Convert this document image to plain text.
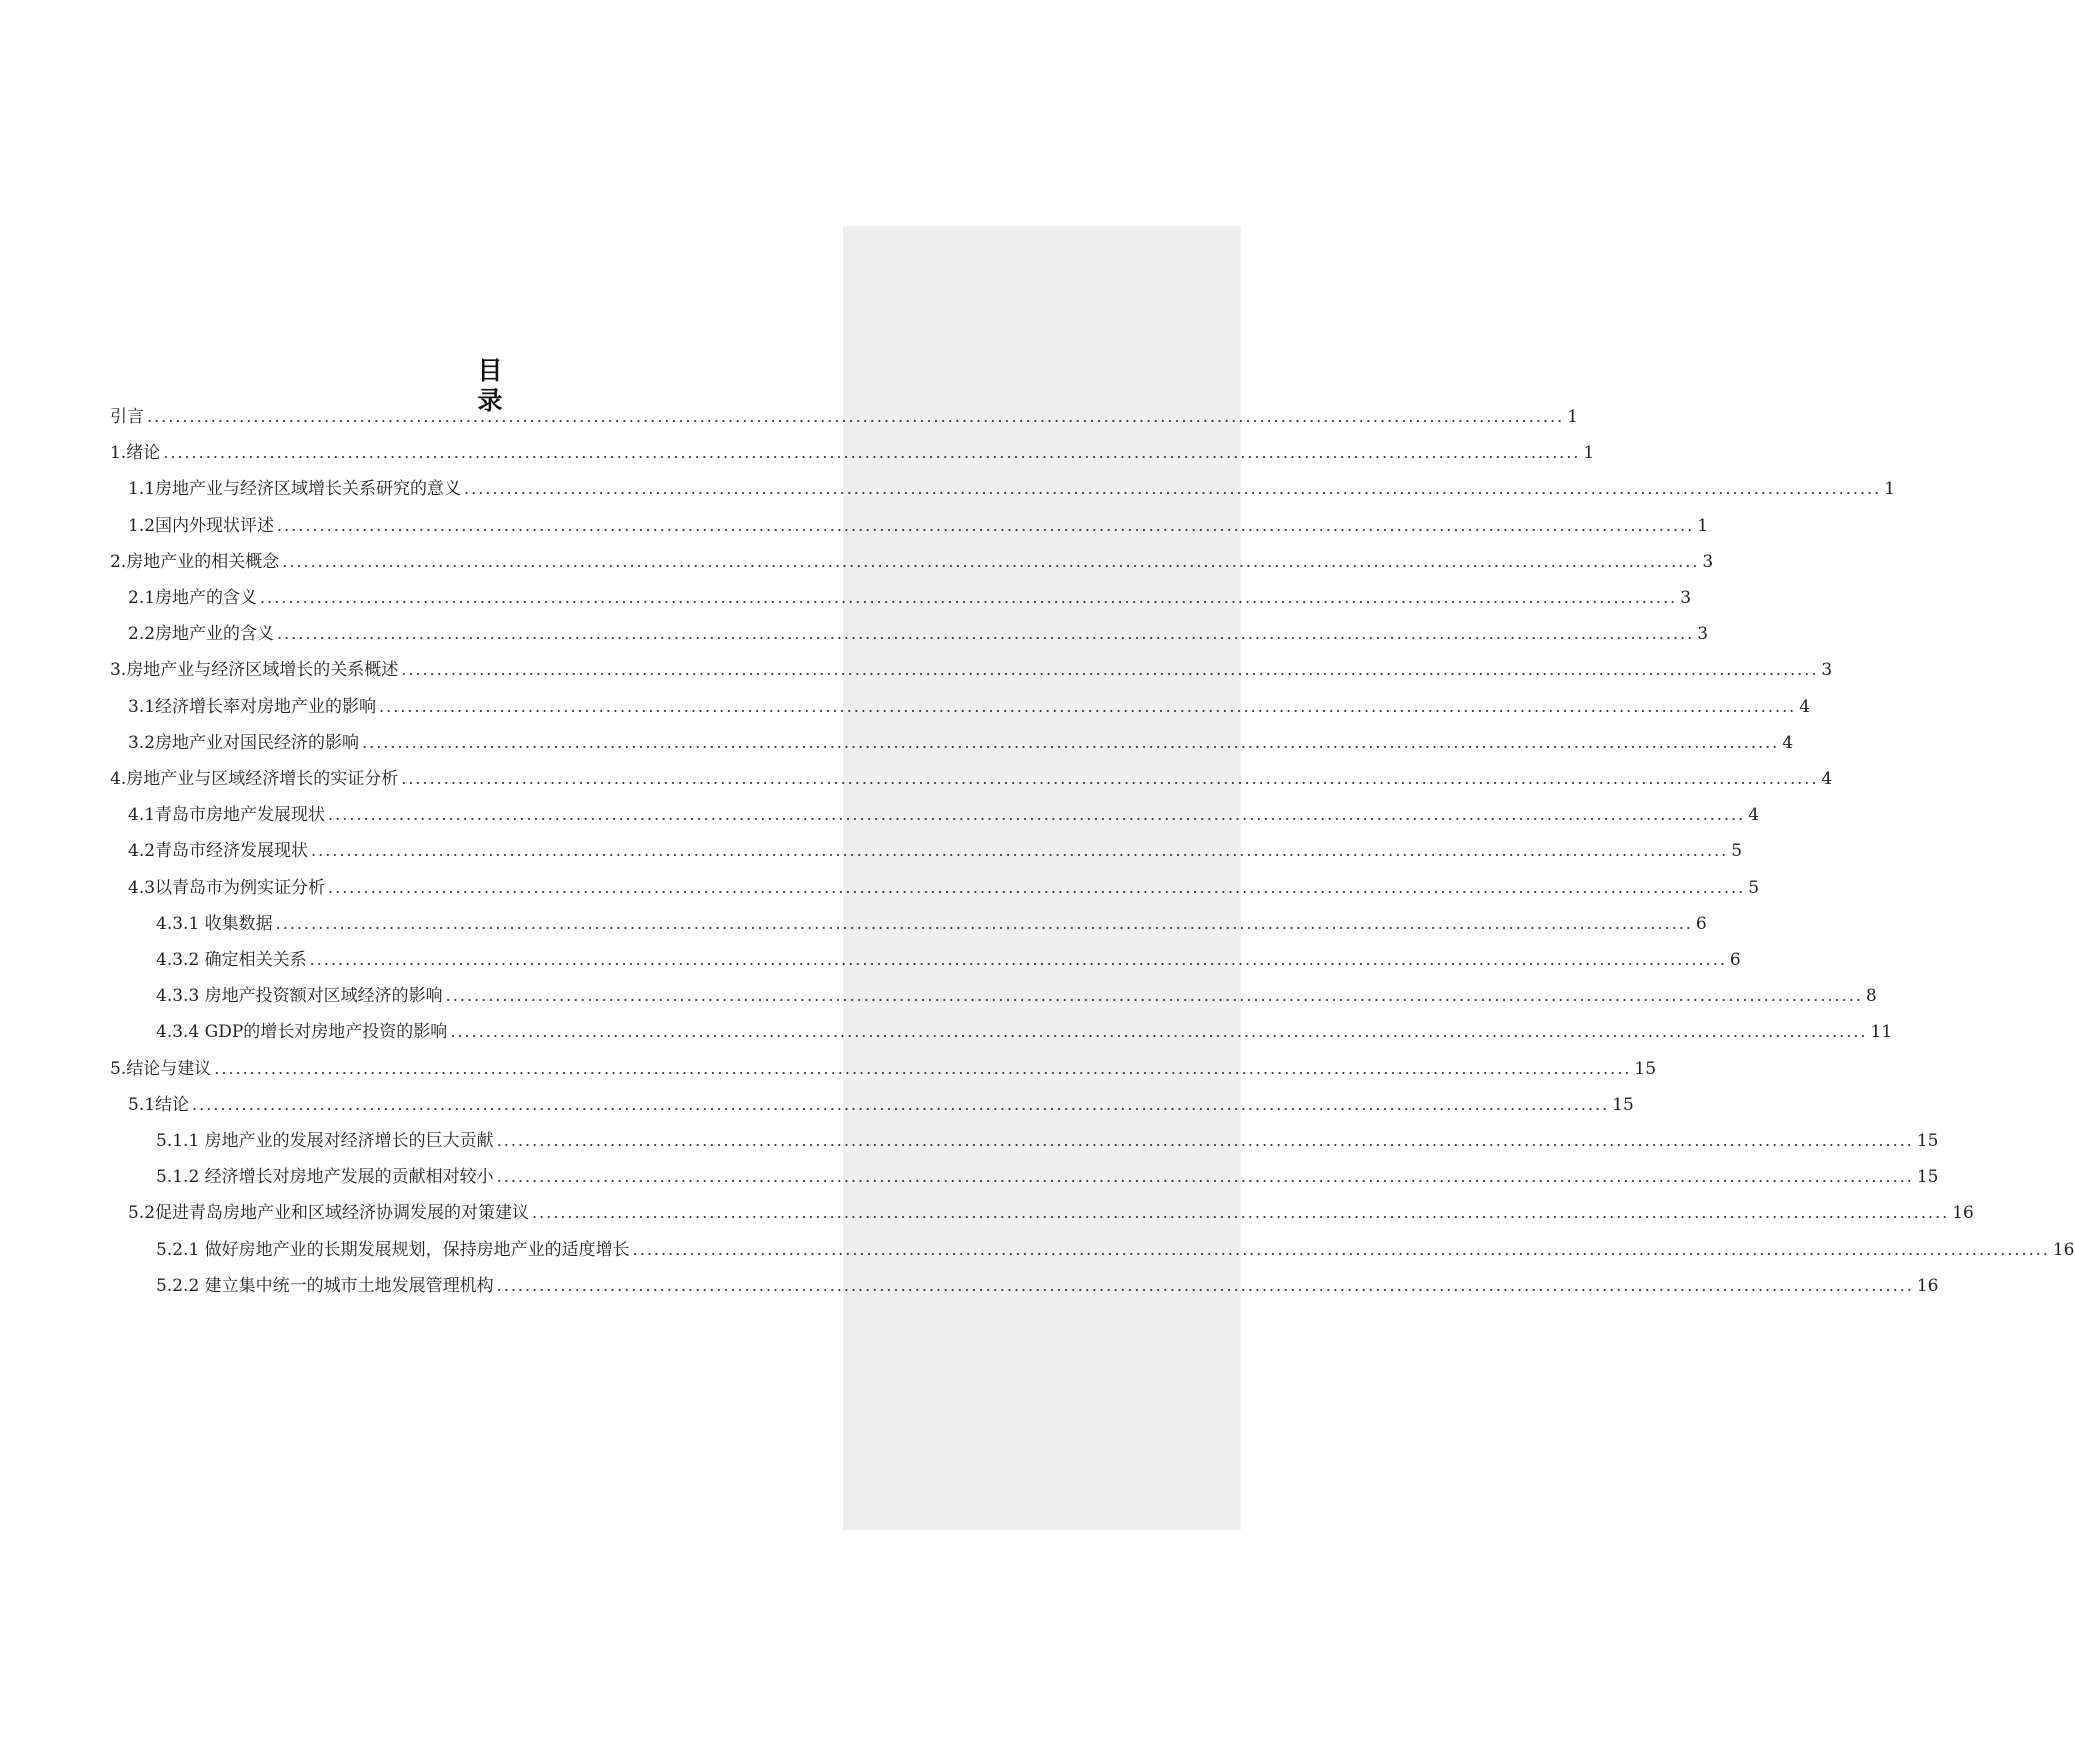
目 录
引言 ........................................................................................................................................................................................................ 1
1.绪论 ........................................................................................................................................................................................................ 1
1.1房地产业与经济区域增长关系研究的意义 ........................................................................................................................................................................................................ 1
1.2国内外现状评述 ........................................................................................................................................................................................................ 1
2.房地产业的相关概念 ........................................................................................................................................................................................................ 3
2.1房地产的含义 ........................................................................................................................................................................................................ 3
2.2房地产业的含义 ........................................................................................................................................................................................................ 3
3.房地产业与经济区域增长的关系概述 ........................................................................................................................................................................................................ 3
3.1经济增长率对房地产业的影响 ........................................................................................................................................................................................................ 4
3.2房地产业对国民经济的影响 ........................................................................................................................................................................................................ 4
4.房地产业与区域经济增长的实证分析 ........................................................................................................................................................................................................ 4
4.1青岛市房地产发展现状 ........................................................................................................................................................................................................ 4
4.2青岛市经济发展现状 ........................................................................................................................................................................................................ 5
4.3以青岛市为例实证分析 ........................................................................................................................................................................................................ 5
4.3.1 收集数据 ........................................................................................................................................................................................................ 6
4.3.2 确定相关关系 ........................................................................................................................................................................................................ 6
4.3.3 房地产投资额对区域经济的影响 ........................................................................................................................................................................................................ 8
4.3.4 GDP的增长对房地产投资的影响 ........................................................................................................................................................................................................ 11
5.结论与建议 ........................................................................................................................................................................................................ 15
5.1结论 ........................................................................................................................................................................................................ 15
5.1.1 房地产业的发展对经济增长的巨大贡献 ........................................................................................................................................................................................................ 15
5.1.2 经济增长对房地产发展的贡献相对较小 ........................................................................................................................................................................................................ 15
5.2促进青岛房地产业和区域经济协调发展的对策建议 ........................................................................................................................................................................................................ 16
5.2.1 做好房地产业的长期发展规划，保持房地产业的适度增长 ........................................................................................................................................................................................................ 16
5.2.2 建立集中统一的城市土地发展管理机构 ........................................................................................................................................................................................................ 16
